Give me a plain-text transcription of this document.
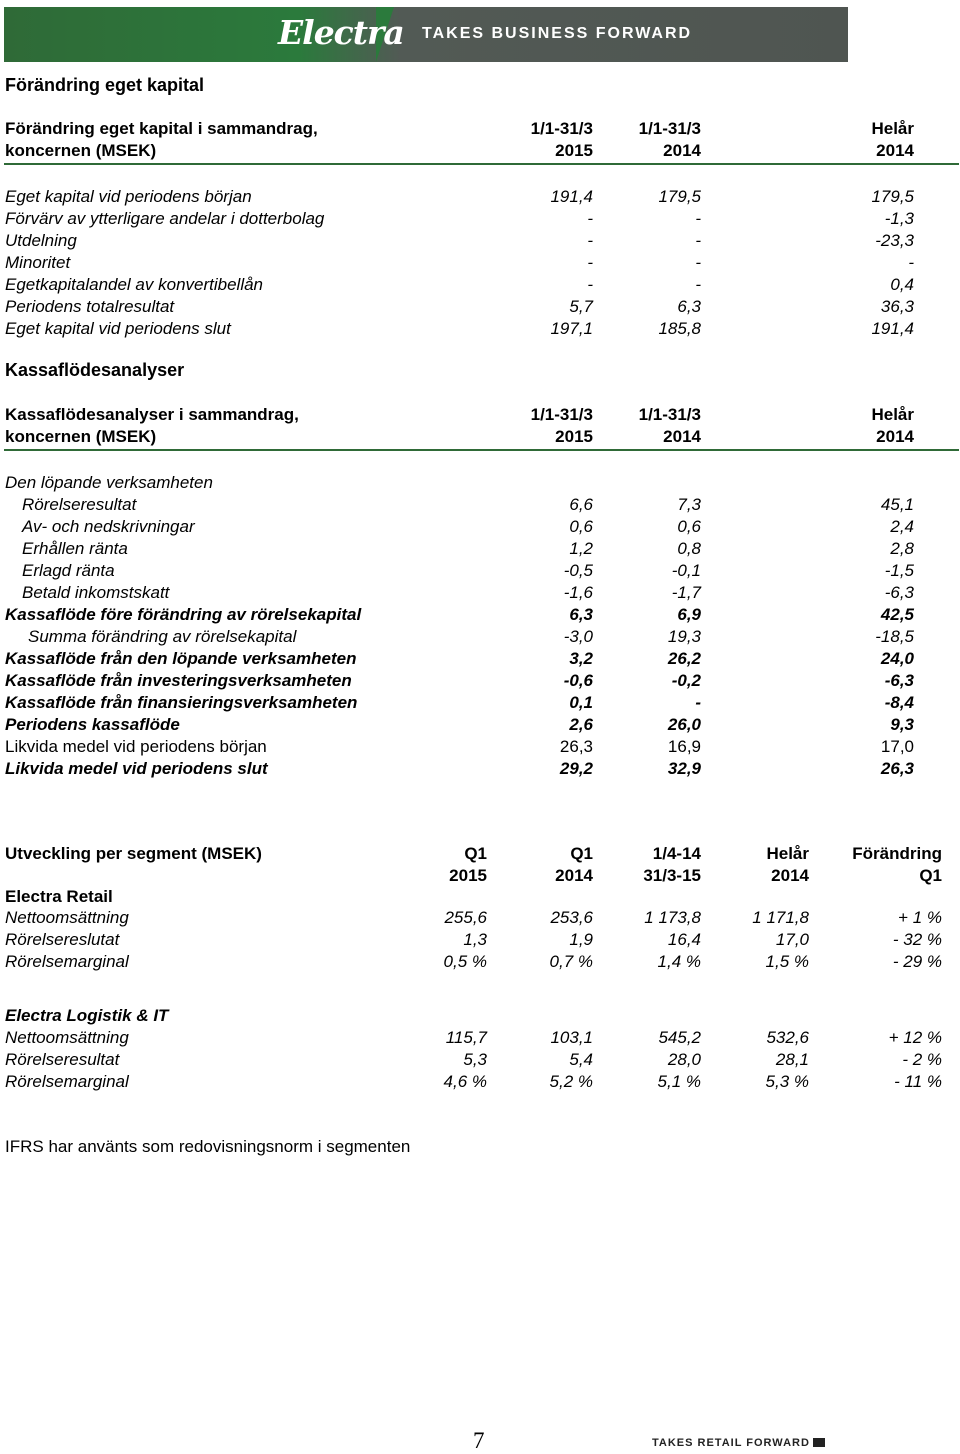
Electra TAKES BUSINESS FORWARD
Förändring eget kapital
Förändring eget kapital i sammandrag,	1/1-31/3	1/1-31/3	Helår
koncernen (MSEK)	2015	2014	2014
Eget kapital vid periodens början	191,4	179,5	179,5
Förvärv av ytterligare andelar i dotterbolag	-	-	-1,3
Utdelning	-	-	-23,3
Minoritet	-	-	-
Egetkapitalandel av konvertibellån	-	-	0,4
Periodens totalresultat	5,7	6,3	36,3
Eget kapital vid periodens slut	197,1	185,8	191,4
Kassaflödesanalyser
Kassaflödesanalyser i sammandrag,	1/1-31/3	1/1-31/3	Helår
koncernen (MSEK)	2015	2014	2014
Den löpande verksamheten
Rörelseresultat	6,6	7,3	45,1
Av- och nedskrivningar	0,6	0,6	2,4
Erhållen ränta	1,2	0,8	2,8
Erlagd ränta	-0,5	-0,1	-1,5
Betald inkomstskatt	-1,6	-1,7	-6,3
Kassaflöde före förändring av rörelsekapital	6,3	6,9	42,5
Summa förändring av rörelsekapital	-3,0	19,3	-18,5
Kassaflöde från den löpande verksamheten	3,2	26,2	24,0
Kassaflöde från investeringsverksamheten	-0,6	-0,2	-6,3
Kassaflöde från finansieringsverksamheten	0,1	-	-8,4
Periodens kassaflöde	2,6	26,0	9,3
Likvida medel vid periodens början	26,3	16,9	17,0
Likvida medel vid periodens slut	29,2	32,9	26,3
Utveckling per segment (MSEK)	Q1	Q1	1/4-14	Helår	Förändring
2015	2014	31/3-15	2014	Q1
Electra Retail
Nettoomsättning	255,6	253,6	1 173,8	1 171,8	+ 1 %
Rörelsereslutat	1,3	1,9	16,4	17,0	- 32 %
Rörelsemarginal	0,5 %	0,7 %	1,4 %	1,5 %	- 29 %
Electra Logistik & IT
Nettoomsättning	115,7	103,1	545,2	532,6	+ 12 %
Rörelseresultat	5,3	5,4	28,0	28,1	- 2 %
Rörelsemarginal	4,6 %	5,2 %	5,1 %	5,3 %	- 11 %
IFRS har använts som redovisningsnorm i segmenten
7	TAKES RETAIL FORWARD
